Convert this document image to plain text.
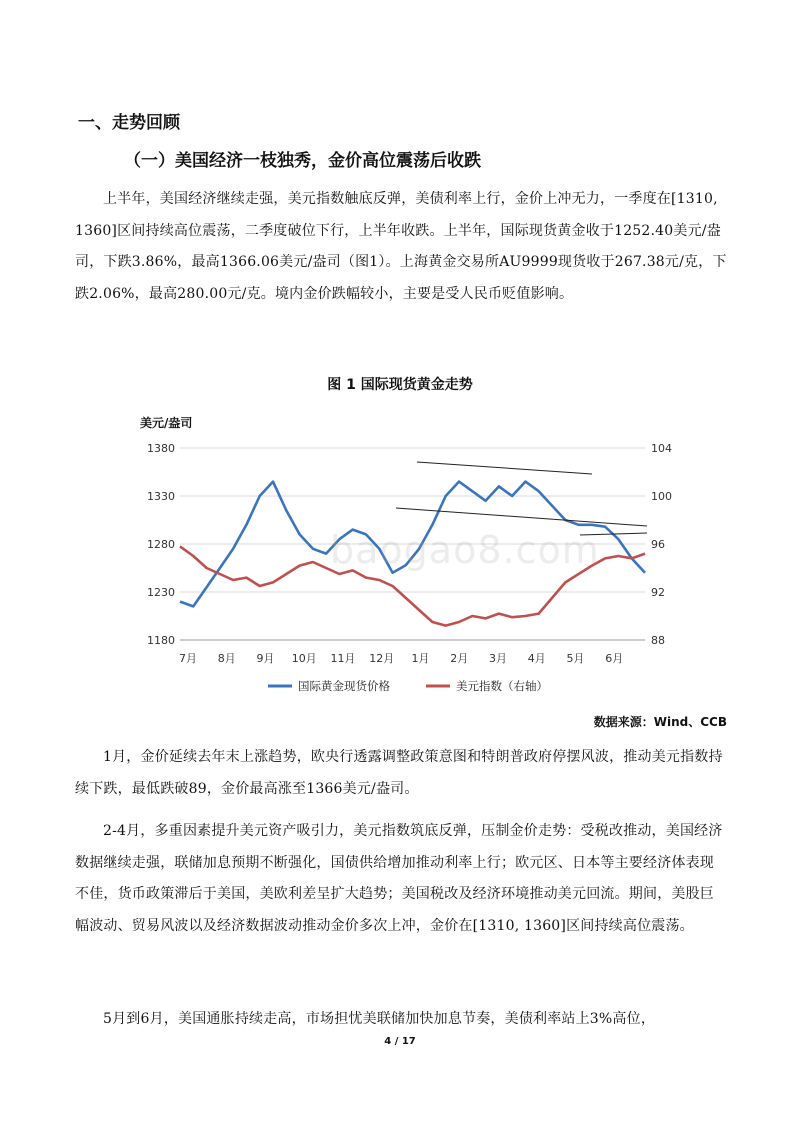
一、走势回顾
（一）美国经济一枝独秀，金价高位震荡后收跌

上半年，美国经济继续走强，美元指数触底反弹，美债利率上行，金价上冲无力，一季度在[1310, 1360]区间持续高位震荡，二季度破位下行，上半年收跌。上半年，国际现货黄金收于1252.40美元/盎司，下跌3.86%，最高1366.06美元/盎司（图1）。上海黄金交易所AU9999现货收于267.38元/克，下跌2.06%，最高280.00元/克。境内金价跌幅较小，主要是受人民币贬值影响。

图 1 国际现货黄金走势
美元/盎司
1380
1330
1280
1230
1180
104
100
96
92
88
7月 8月 9月 10月 11月 12月 1月 2月 3月 4月 5月 6月
国际黄金现货价格	美元指数（右轴）
baogao8.com
数据来源：Wind、CCB

1月，金价延续去年末上涨趋势，欧央行透露调整政策意图和特朗普政府停摆风波，推动美元指数持续下跌，最低跌破89，金价最高涨至1366美元/盎司。

2-4月，多重因素提升美元资产吸引力，美元指数筑底反弹，压制金价走势：受税改推动，美国经济数据继续走强，联储加息预期不断强化，国债供给增加推动利率上行；欧元区、日本等主要经济体表现不佳，货币政策滞后于美国，美欧利差呈扩大趋势；美国税改及经济环境推动美元回流。期间，美股巨幅波动、贸易风波以及经济数据波动推动金价多次上冲，金价在[1310, 1360]区间持续高位震荡。

5月到6月，美国通胀持续走高，市场担忧美联储加快加息节奏，美债利率站上3%高位，

4 / 17
